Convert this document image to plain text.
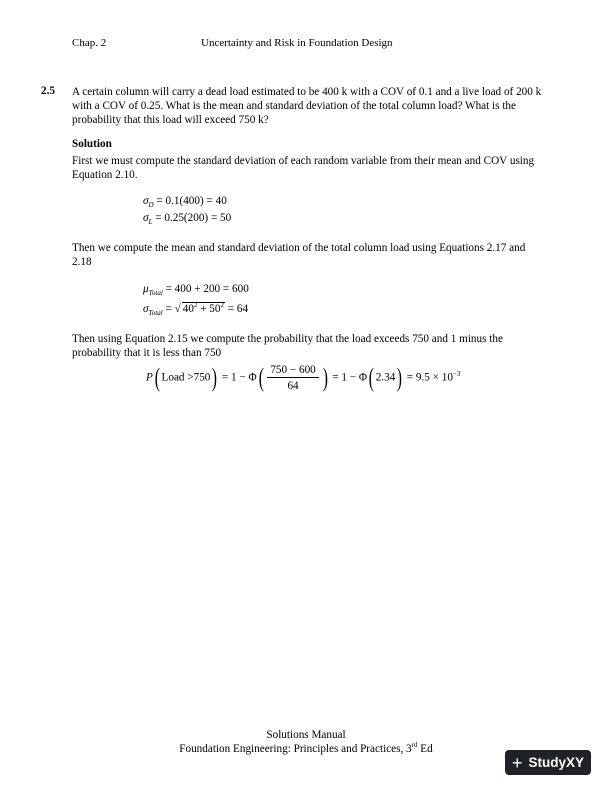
Chap. 2	Uncertainty and Risk in Foundation Design
2.5 A certain column will carry a dead load estimated to be 400 k with a COV of 0.1 and a live load of 200 k with a COV of 0.25. What is the mean and standard deviation of the total column load? What is the probability that this load will exceed 750 k?
Solution
First we must compute the standard deviation of each random variable from their mean and COV using Equation 2.10.
$\sigma_D = 0.1(400) = 40$
$\sigma_L = 0.25(200) = 50$
Then we compute the mean and standard deviation of the total column load using Equations 2.17 and 2.18
$\mu_{Total} = 400 + 200 = 600$
$\sigma_{Total}$ = √ $40^2 + 50^2 = 64$
Then using Equation 2.15 we compute the probability that the load exceeds 750 and 1 minus the probability that it is less than 750
P( Load $>750) = 1 - \Phi( \frac{750 - 600}{64}$ ) = 1 − Φ( $2.34) = 9.5 \times 10^{-3}$
Solutions Manual
Foundation Engineering: Principles and Practices, 3rd Ed
+ StudyXY
